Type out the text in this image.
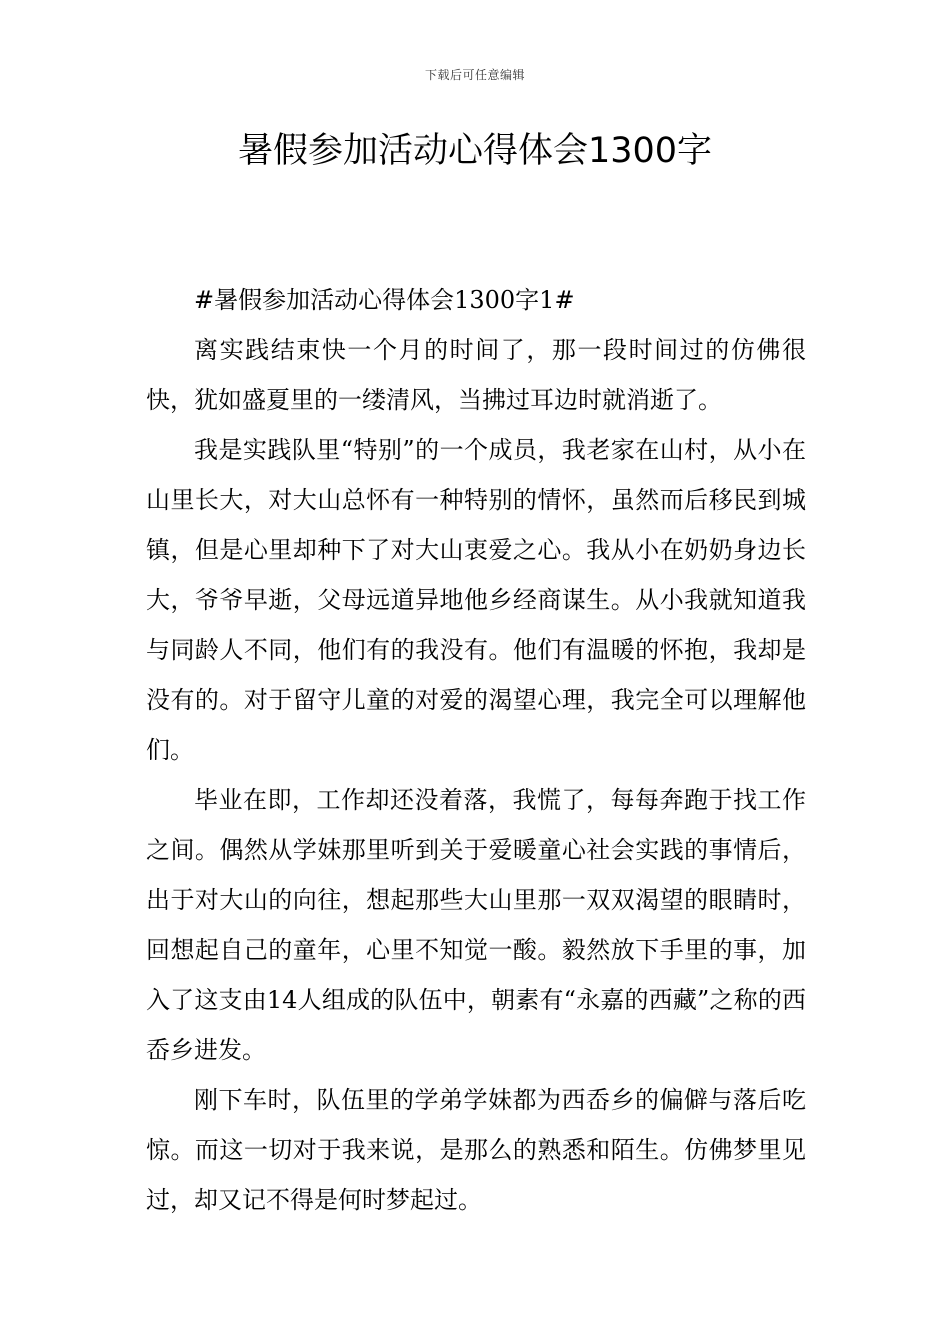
下载后可任意编辑
暑假参加活动心得体会1300字

#暑假参加活动心得体会1300字1#

离实践结束快一个月的时间了，那一段时间过的仿佛很快，犹如盛夏里的一缕清风，当拂过耳边时就消逝了。

我是实践队里“特别”的一个成员，我老家在山村，从小在山里长大，对大山总怀有一种特别的情怀，虽然而后移民到城镇，但是心里却种下了对大山衷爱之心。我从小在奶奶身边长大，爷爷早逝，父母远道异地他乡经商谋生。从小我就知道我与同龄人不同，他们有的我没有。他们有温暖的怀抱，我却是没有的。对于留守儿童的对爱的渴望心理，我完全可以理解他们。

毕业在即，工作却还没着落，我慌了，每每奔跑于找工作之间。偶然从学妹那里听到关于爱暖童心社会实践的事情后，出于对大山的向往，想起那些大山里那一双双渴望的眼睛时，回想起自己的童年，心里不知觉一酸。毅然放下手里的事，加入了这支由14人组成的队伍中，朝素有“永嘉的西藏”之称的西岙乡进发。

刚下车时，队伍里的学弟学妹都为西岙乡的偏僻与落后吃惊。而这一切对于我来说，是那么的熟悉和陌生。仿佛梦里见过，却又记不得是何时梦起过。
